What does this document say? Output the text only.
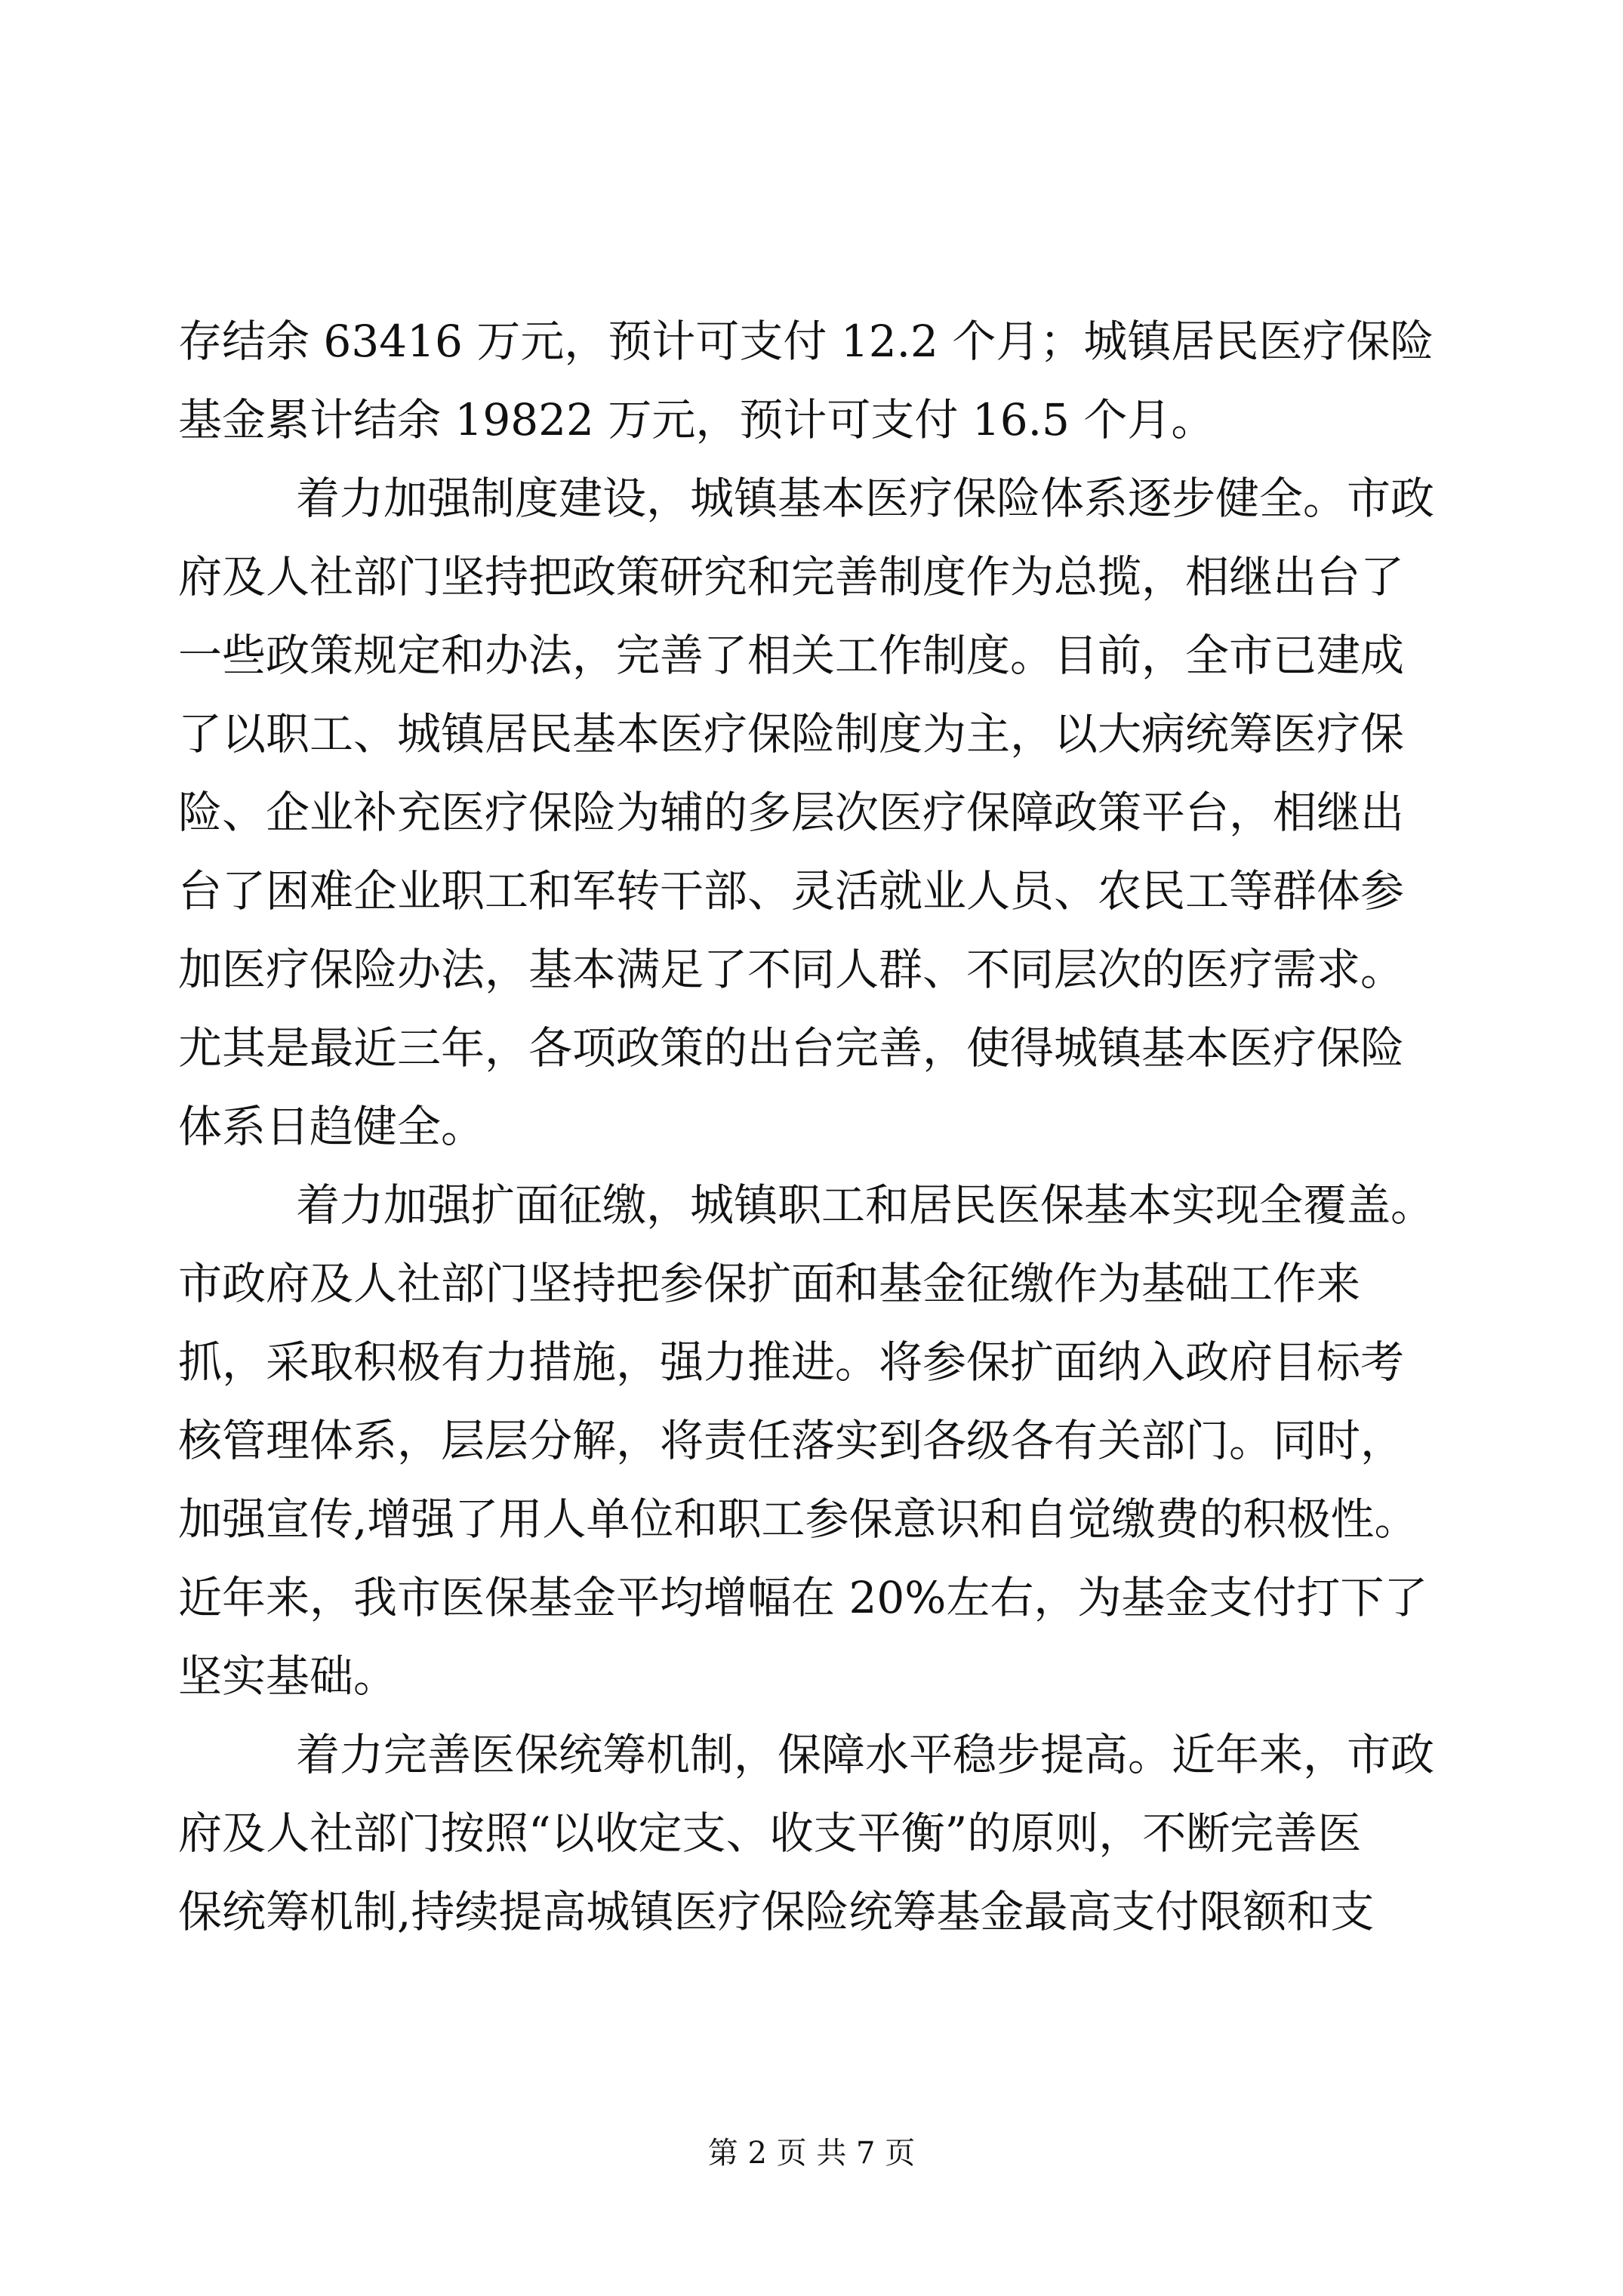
存结余 63416 万元，预计可支付 12.2 个月；城镇居民医疗保险
基金累计结余 19822 万元，预计可支付 16.5 个月。
着力加强制度建设，城镇基本医疗保险体系逐步健全。市政
府及人社部门坚持把政策研究和完善制度作为总揽，相继出台了
一些政策规定和办法，完善了相关工作制度。目前，全市已建成
了以职工、城镇居民基本医疗保险制度为主，以大病统筹医疗保
险、企业补充医疗保险为辅的多层次医疗保障政策平台，相继出
台了困难企业职工和军转干部、灵活就业人员、农民工等群体参
加医疗保险办法，基本满足了不同人群、不同层次的医疗需求。
尤其是最近三年，各项政策的出台完善，使得城镇基本医疗保险
体系日趋健全。
着力加强扩面征缴，城镇职工和居民医保基本实现全覆盖。
市政府及人社部门坚持把参保扩面和基金征缴作为基础工作来
抓，采取积极有力措施，强力推进。将参保扩面纳入政府目标考
核管理体系，层层分解，将责任落实到各级各有关部门。同时，
加强宣传,增强了用人单位和职工参保意识和自觉缴费的积极性。
近年来，我市医保基金平均增幅在 20%左右，为基金支付打下了
坚实基础。
着力完善医保统筹机制，保障水平稳步提高。近年来，市政
府及人社部门按照“以收定支、收支平衡”的原则，不断完善医
保统筹机制,持续提高城镇医疗保险统筹基金最高支付限额和支
第 2 页 共 7 页
